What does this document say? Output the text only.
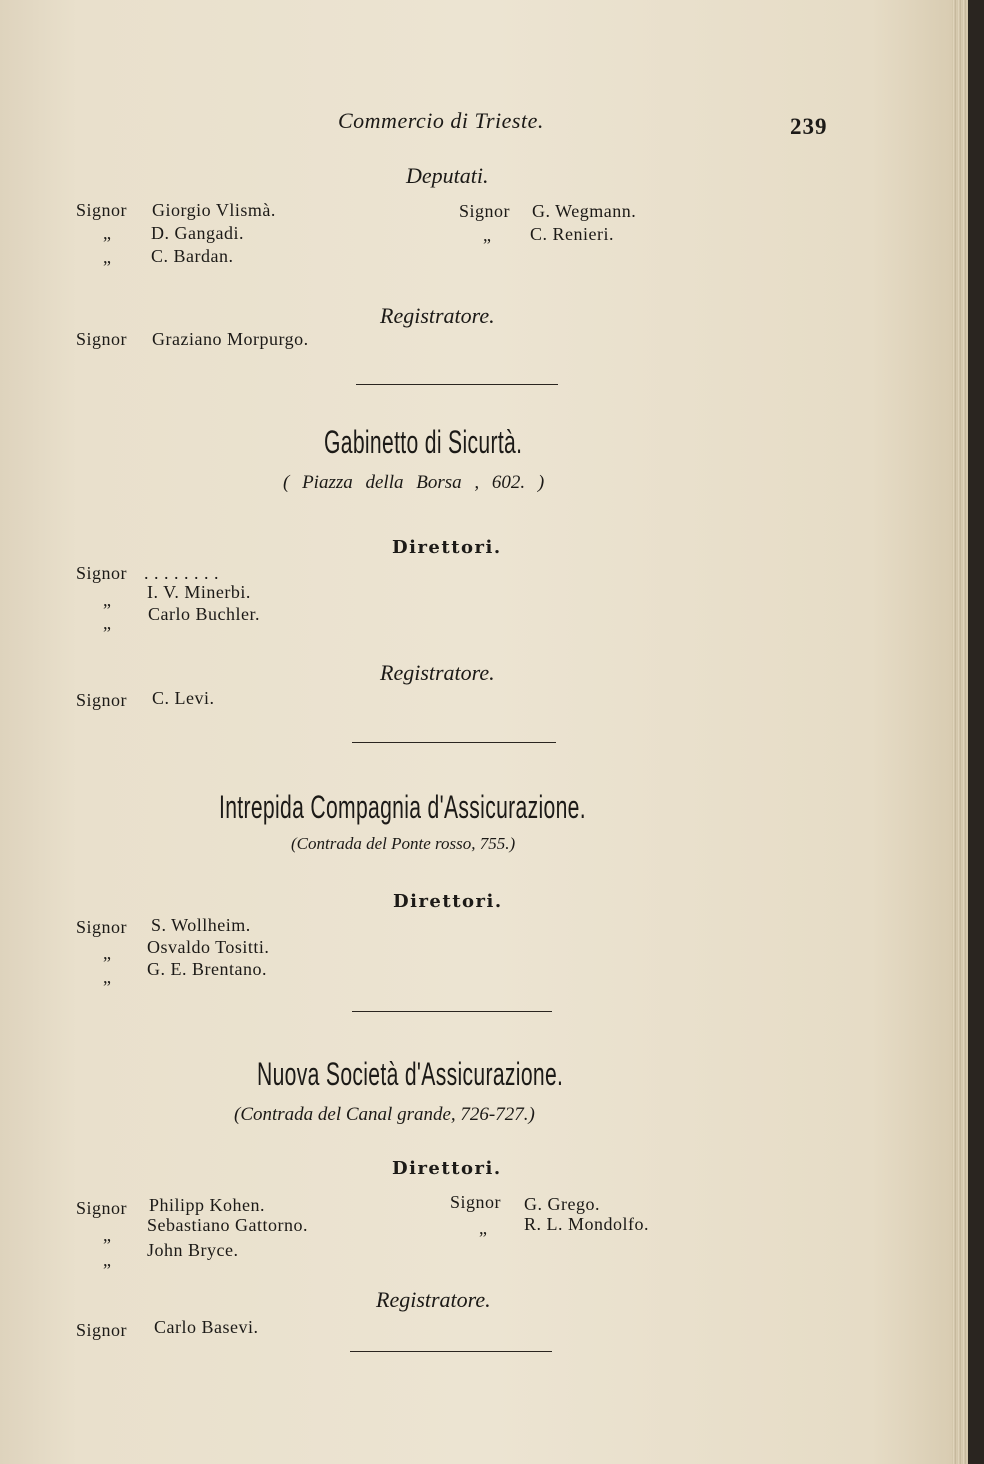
Commercio di Trieste.	239
Deputati.
Signor Giorgio Vlismà.
„ D. Gangadi.
„ C. Bardan.
Signor G. Wegmann.
„ C. Renieri.
Registratore.
Signor Graziano Morpurgo.
Gabinetto di Sicurtà.
( Piazza della Borsa , 602. )
Direttori.
Signor . . . . . . . .
„ I. V. Minerbi.
„ Carlo Buchler.
Registratore.
Signor C. Levi.
Intrepida Compagnia d'Assicurazione.
(Contrada del Ponte rosso, 755.)
Direttori.
Signor S. Wollheim.
„ Osvaldo Tositti.
„ G. E. Brentano.
Nuova Società d'Assicurazione.
(Contrada del Canal grande, 726-727.)
Direttori.
Signor Philipp Kohen.
„ Sebastiano Gattorno.
„ John Bryce.
Signor G. Grego.
„ R. L. Mondolfo.
Registratore.
Signor Carlo Basevi.
